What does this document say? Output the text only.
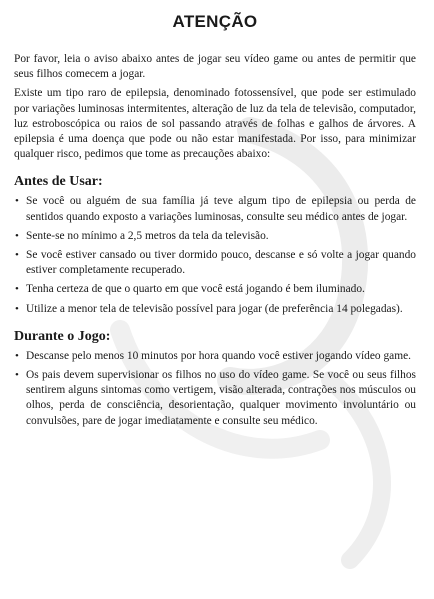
ATENÇÃO

Por favor, leia o aviso abaixo antes de jogar seu vídeo game ou antes de permitir que seus filhos comecem a jogar.

Existe um tipo raro de epilepsia, denominado fotossensível, que pode ser estimulado por variações luminosas intermitentes, alteração de luz da tela de televisão, computador, luz estroboscópica ou raios de sol passando através de folhas e galhos de árvores. A epilepsia é uma doença que pode ou não estar manifestada. Por isso, para minimizar qualquer risco, pedimos que tome as precauções abaixo:

Antes de Usar:
• Se você ou alguém de sua família já teve algum tipo de epilepsia ou perda de sentidos quando exposto a variações luminosas, consulte seu médico antes de jogar.
• Sente-se no mínimo a 2,5 metros da tela da televisão.
• Se você estiver cansado ou tiver dormido pouco, descanse e só volte a jogar quando estiver completamente recuperado.
• Tenha certeza de que o quarto em que você está jogando é bem iluminado.
• Utilize a menor tela de televisão possível para jogar (de preferência 14 polegadas).
Durante o Jogo:
• Descanse pelo menos 10 minutos por hora quando você estiver jogando vídeo game.
• Os pais devem supervisionar os filhos no uso do vídeo game. Se você ou seus filhos sentirem alguns sintomas como vertigem, visão alterada, contrações nos músculos ou olhos, perda de consciência, desorientação, qualquer movimento involuntário ou convulsões, pare de jogar imediatamente e consulte seu médico.
